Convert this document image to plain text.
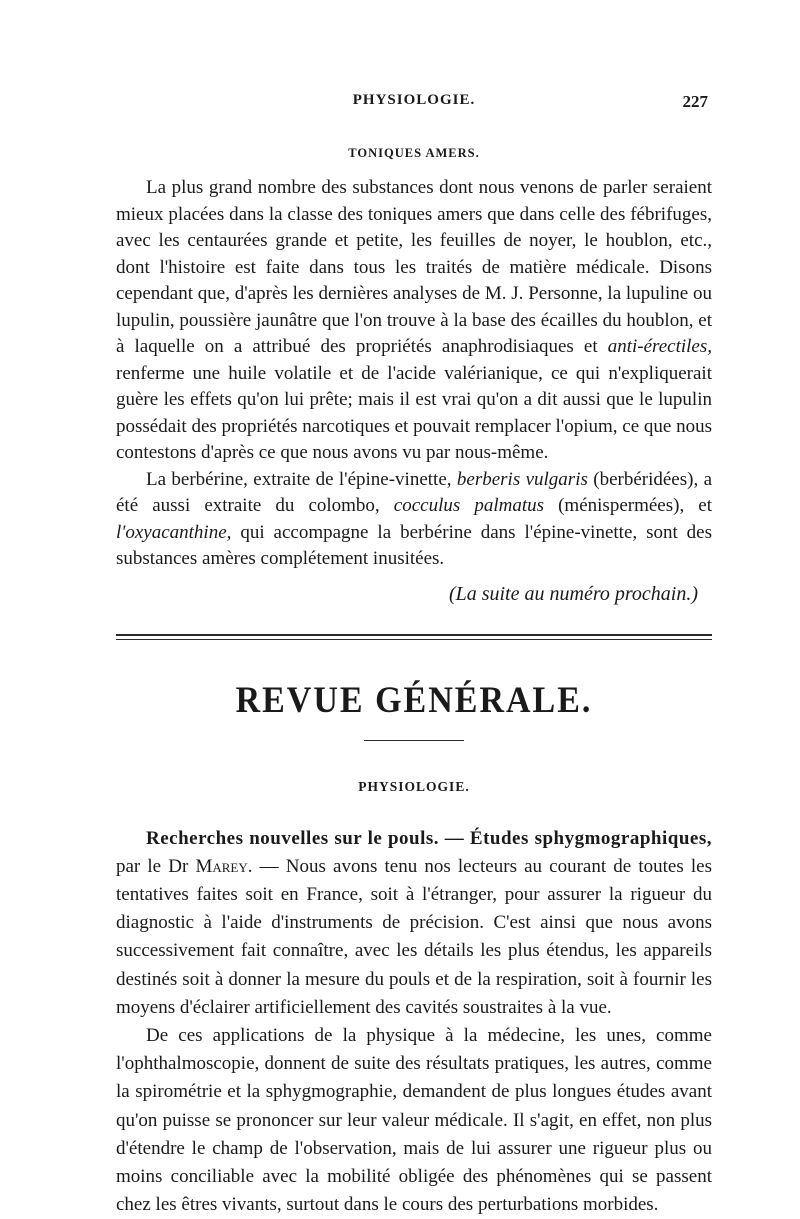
PHYSIOLOGIE.	227
TONIQUES AMERS.

La plus grand nombre des substances dont nous venons de parler seraient mieux placées dans la classe des toniques amers que dans celle des fébrifuges, avec les centaurées grande et petite, les feuilles de noyer, le houblon, etc., dont l'histoire est faite dans tous les traités de matière médicale. Disons cependant que, d'après les dernières analyses de M. J. Personne, la lupuline ou lupulin, poussière jaunâtre que l'on trouve à la base des écailles du houblon, et à laquelle on a attribué des propriétés anaphrodisiaques et anti-érectiles, renferme une huile volatile et de l'acide valérianique, ce qui n'expliquerait guère les effets qu'on lui prête; mais il est vrai qu'on a dit aussi que le lupulin possédait des propriétés narcotiques et pouvait remplacer l'opium, ce que nous contestons d'après ce que nous avons vu par nous-même.

La berbérine, extraite de l'épine-vinette, berberis vulgaris (berbéridées), a été aussi extraite du colombo, cocculus palmatus (ménispermées), et l'oxyacanthine, qui accompagne la berbérine dans l'épine-vinette, sont des substances amères complétement inusitées.

(La suite au numéro prochain.)
REVUE GÉNÉRALE.
PHYSIOLOGIE.

Recherches nouvelles sur le pouls. — Études sphygmographiques, par le Dr Marey. — Nous avons tenu nos lecteurs au courant de toutes les tentatives faites soit en France, soit à l'étranger, pour assurer la rigueur du diagnostic à l'aide d'instruments de précision. C'est ainsi que nous avons successivement fait connaître, avec les détails les plus étendus, les appareils destinés soit à donner la mesure du pouls et de la respiration, soit à fournir les moyens d'éclairer artificiellement des cavités soustraites à la vue.

De ces applications de la physique à la médecine, les unes, comme l'ophthalmoscopie, donnent de suite des résultats pratiques, les autres, comme la spirométrie et la sphygmographie, demandent de plus longues études avant qu'on puisse se prononcer sur leur valeur médicale. Il s'agit, en effet, non plus d'étendre le champ de l'observation, mais de lui assurer une rigueur plus ou moins conciliable avec la mobilité obligée des phénomènes qui se passent chez les êtres vivants, surtout dans le cours des perturbations morbides.
